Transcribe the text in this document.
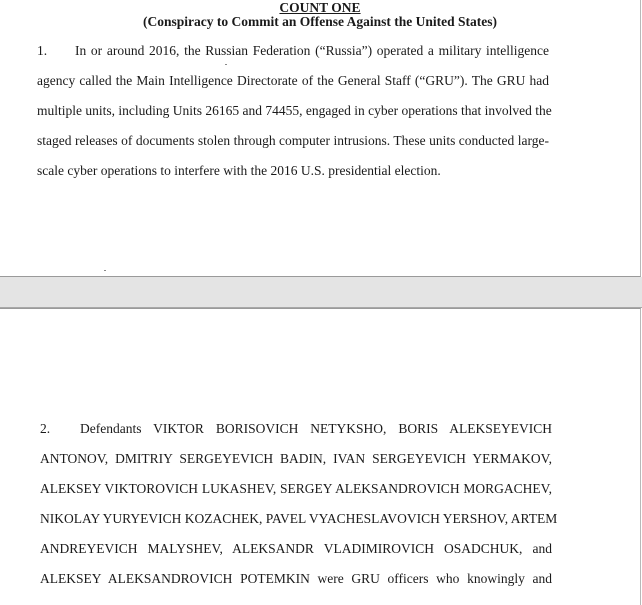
COUNT ONE
(Conspiracy to Commit an Offense Against the United States)
1. In or around 2016, the Russian Federation (“Russia”) operated a military intelligence
agency called the Main Intelligence Directorate of the General Staff (“GRU”). The GRU had
multiple units, including Units 26165 and 74455, engaged in cyber operations that involved the
staged releases of documents stolen through computer intrusions. These units conducted large-
scale cyber operations to interfere with the 2016 U.S. presidential election.
2. Defendants VIKTOR BORISOVICH NETYKSHO, BORIS ALEKSEYEVICH
ANTONOV, DMITRIY SERGEYEVICH BADIN, IVAN SERGEYEVICH YERMAKOV,
ALEKSEY VIKTOROVICH LUKASHEV, SERGEY ALEKSANDROVICH MORGACHEV,
NIKOLAY YURYEVICH KOZACHEK, PAVEL VYACHESLAVOVICH YERSHOV, ARTEM
ANDREYEVICH MALYSHEV, ALEKSANDR VLADIMIROVICH OSADCHUK, and
ALEKSEY ALEKSANDROVICH POTEMKIN were GRU officers who knowingly and
